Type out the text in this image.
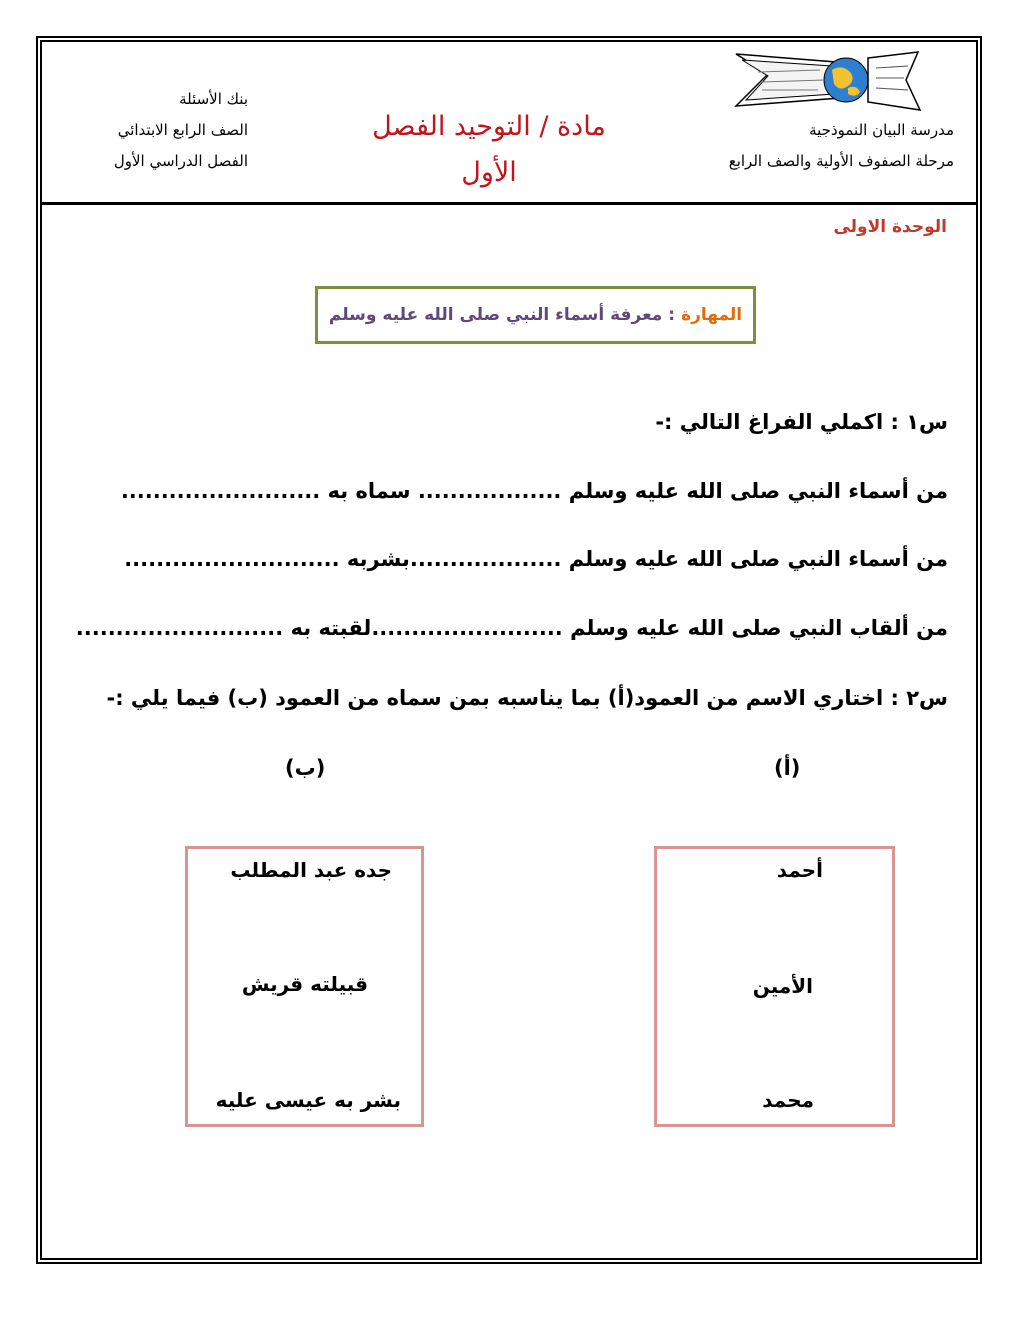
مدرسة البيان النموذجية
مرحلة الصفوف الأولية والصف الرابع
مادة / التوحيد الفصل الأول
بنك الأسئلة
الصف الرابع الابتدائي
الفصل الدراسي الأول
الوحدة الاولى
المهارة
:
معرفة أسماء النبي صلى الله عليه وسلم
س١ : اكملي الفراغ التالي :-
من أسماء النبي صلى الله عليه وسلم .................. سماه به .........................
من أسماء النبي صلى الله عليه وسلم ...................بشربه ...........................
من ألقاب النبي صلى الله عليه وسلم ........................لقبته به ..........................
س٢ : اختاري الاسم من العمود(أ) بما يناسبه بمن سماه من العمود (ب) فيما يلي :-
(أ)
(ب)
أحمد
الأمين
محمد
جده عبد المطلب
قبيلته قريش
بشر به عيسى عليه
